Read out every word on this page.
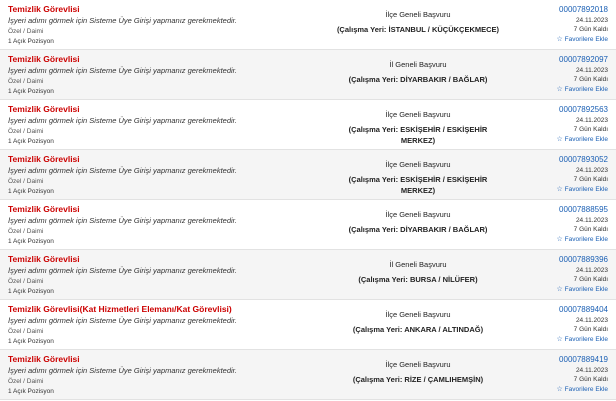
Temizlik Görevlisi
İşyeri adımı görmek için Sisteme Üye Girişi yapmanız gerekmektedir.
Özel / Daimi
1 Açık Pozisyon
İlçe Geneli Başvuru
(Çalışma Yeri: İSTANBUL / KÜÇÜKÇEKMECE)
00007892018
24.11.2023
7 Gün Kaldı
☆ Favorilere Ekle
Temizlik Görevlisi
İşyeri adımı görmek için Sisteme Üye Girişi yapmanız gerekmektedir.
Özel / Daimi
1 Açık Pozisyon
İl Geneli Başvuru
(Çalışma Yeri: DİYARBAKIR / BAĞLAR)
00007892097
24.11.2023
7 Gün Kaldı
☆ Favorilere Ekle
Temizlik Görevlisi
İşyeri adımı görmek için Sisteme Üye Girişi yapmanız gerekmektedir.
Özel / Daimi
1 Açık Pozisyon
İlçe Geneli Başvuru
(Çalışma Yeri: ESKİŞEHİR / ESKİŞEHİR MERKEZ)
00007892563
24.11.2023
7 Gün Kaldı
☆ Favorilere Ekle
Temizlik Görevlisi
İşyeri adımı görmek için Sisteme Üye Girişi yapmanız gerekmektedir.
Özel / Daimi
1 Açık Pozisyon
İlçe Geneli Başvuru
(Çalışma Yeri: ESKİŞEHİR / ESKİŞEHİR MERKEZ)
00007893052
24.11.2023
7 Gün Kaldı
☆ Favorilere Ekle
Temizlik Görevlisi
İşyeri adımı görmek için Sisteme Üye Girişi yapmanız gerekmektedir.
Özel / Daimi
1 Açık Pozisyon
İlçe Geneli Başvuru
(Çalışma Yeri: DİYARBAKIR / BAĞLAR)
00007888595
24.11.2023
7 Gün Kaldı
☆ Favorilere Ekle
Temizlik Görevlisi
İşyeri adımı görmek için Sisteme Üye Girişi yapmanız gerekmektedir.
Özel / Daimi
1 Açık Pozisyon
İl Geneli Başvuru
(Çalışma Yeri: BURSA / NİLÜFER)
00007889396
24.11.2023
7 Gün Kaldı
☆ Favorilere Ekle
Temizlik Görevlisi(Kat Hizmetleri Elemanı/Kat Görevlisi)
İşyeri adımı görmek için Sisteme Üye Girişi yapmanız gerekmektedir.
Özel / Daimi
1 Açık Pozisyon
İlçe Geneli Başvuru
(Çalışma Yeri: ANKARA / ALTINDAĞ)
00007889404
24.11.2023
7 Gün Kaldı
☆ Favorilere Ekle
Temizlik Görevlisi
İşyeri adımı görmek için Sisteme Üye Girişi yapmanız gerekmektedir.
Özel / Daimi
1 Açık Pozisyon
İlçe Geneli Başvuru
(Çalışma Yeri: RİZE / ÇAMLIHEMŞİN)
00007889419
24.11.2023
7 Gün Kaldı
☆ Favorilere Ekle
